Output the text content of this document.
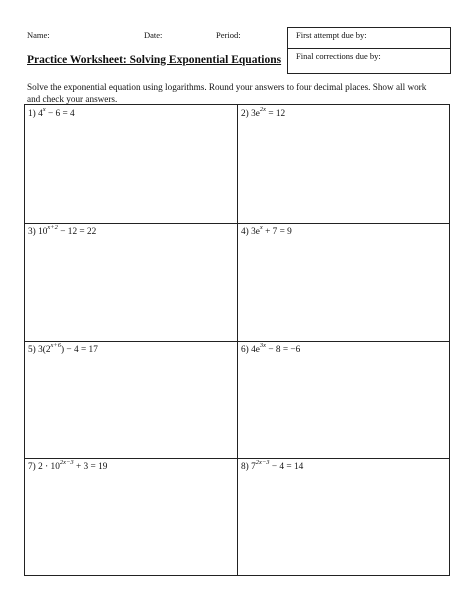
Name:	Date:	Period:	First attempt due by:
Final corrections due by:
Practice Worksheet: Solving Exponential Equations
Solve the exponential equation using logarithms. Round your answers to four decimal places. Show all work
and check your answers.
1) $4^x - 6 = 4$	2) $3e^{2x} = 12$
3) $10^{x+2} - 12 = 22$	4) $3e^x + 7 = 9$
5) $3(2^{x+6}) - 4 = 17$	6) $4e^{3x} - 8 = -6$
7) $2 \cdot 10^{2x-3} + 3 = 19$	8) $7^{2x-3} - 4 = 14$
